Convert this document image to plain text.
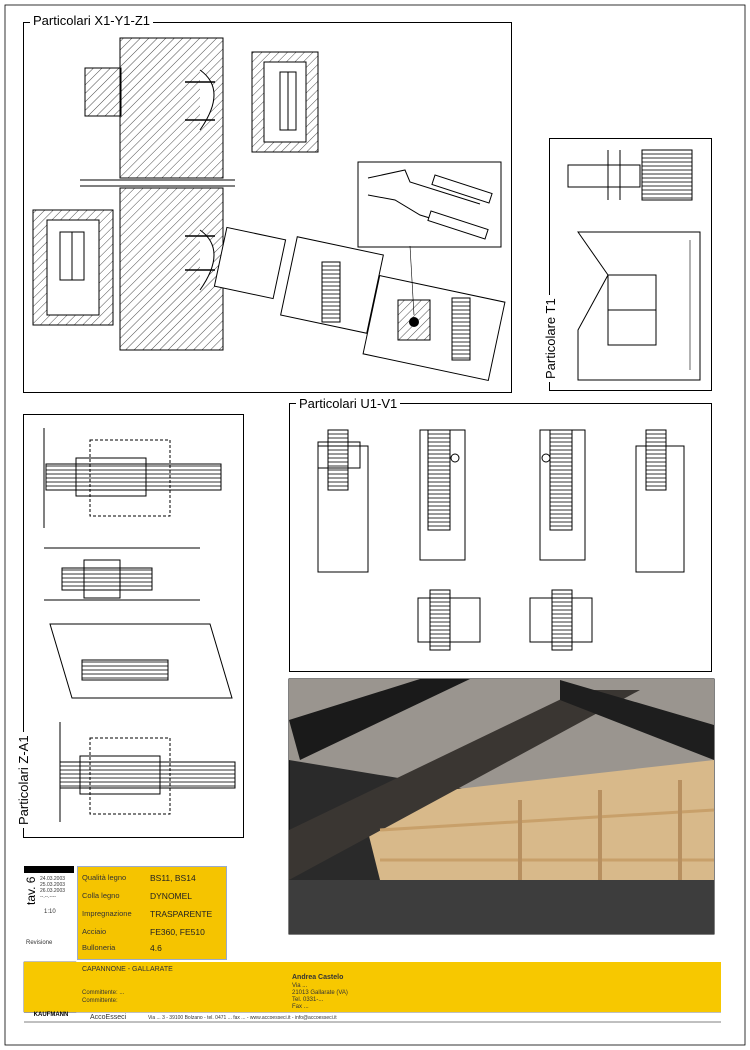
Particolari X1-Y1-Z1
Particolari U1-V1
Particolare T1
Particolari Z-A1
tav. 6 24.03.2003
25.03.2003
26.03.2003
--.--.----
1:10
Revisione
Qualità legno	BS11, BS14
Colla legno	DYNOMEL
Impregnazione TRASPARENTE
Acciaio	FE360, FE510
Bulloneria	4.6
CAPANNONE - GALLARATE
Committente: ...
Committente:
Andrea Castelo
Via ...
21013 Gallarate (VA)
Tel. 0331-...
Fax ...
KAUFMANN	AccoEsseci	Via ... 3 - 39100 Bolzano - tel. 0471 ... fax ... - www.accoesseci.it - info@accoesseci.it
